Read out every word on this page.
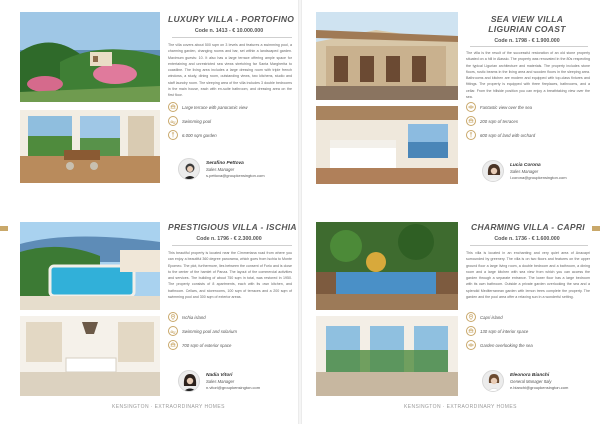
LUXURY VILLA - PORTOFINO
Code n. 1413 - € 10.000.000
The villa covers about 500 sqm on 3 levels and features a swimming pool, a charming garden, changing rooms and bar, set within a landscaped garden. Maximum guests: 10. It also has a large terrace offering ample space for entertaining and unrestricted sea views stretching far Santa Margherita to coastline. The living area includes a large dressing room with triple french windows, a study, dining room, outstanding views, two kitchens, studio and staff laundry room. The sleeping area of the villa includes 3 double bedrooms in the main house, each with en-suite bathroom, and dressing area on the first floor.
Large terrace with panoramic view
Swimming pool
6.000 sqm garden
Serafino Pettova
Sales Manager
s.pettova@groupkensington.com
SEA VIEW VILLA
LIGURIAN COAST
Code n. 1798 - € 1.900.000
The villa is the result of the successful restoration of an old stone property situated on a hill in Alassio. The property was renovated in the 80s respecting the typical Ligurian architecture and materials. The property includes stone floors, rustic beams in the living area and wooden floors in the sleeping area. Bathrooms and kitchen are modern and equipped with top-class fixtures and fittings. The property is equipped with three fireplaces, bathrooms, and a cellar. From the hillside position you can enjoy a breathtaking view over the sea.
Fantastic view over the sea
200 sqm of terraces
600 sqm of land with orchard
Lucia Corona
Sales Manager
l.corona@groupkensington.com
PRESTIGIOUS VILLA - ISCHIA
Code n. 1796 - € 2.300.000
This beautiful property is located near the Cimmeriana road from where you can enjoy a beautiful 360 degree panorama, which goes from Ischia to Monte Epomeo. The plot, furthermore, lies between the consent of Forio and is close to the center of the hamlet of Panza. The layout of the commercial activities and services. The building of about 750 sqm in total, was restored in 1950. The property consists of 8 apartments, each with its own kitchen, and bathroom. Cellars, and storerooms, 100 sqm of terraces and a 200 sqm of swimming pool and 300 sqm of exterior areas.
Ischia island
Swimming pool and solarium
700 sqm of exterior space
Nadia Vitori
Sales Manager
n.vitori@groupkensington.com
CHARMING VILLA - CAPRI
Code n. 1736 - € 1.600.000
This villa is located in an enchanting and very quiet area of Anacapri surrounded by greenery. The villa is on two floors and features on the upper ground floor a large living room, a double bedroom and a bathroom, a dining room and a large kitchen with sea view from which you can access the garden through a separate entrance. The lower floor has a large bedroom with its own bathroom. Outside a private garden overlooking the sea and a splendid Mediterranean garden with lemon trees complete the property. The garden and the pool area offer a relaxing sun in a wonderful setting.
Capri island
130 sqm of interior space
Garden overlooking the sea
Eleonora Bianchi
General Manager Italy
e.bianchi@groupkensington.com
KENSINGTON · EXTRAORDINARY HOMES	KENSINGTON · EXTRAORDINARY HOMES
